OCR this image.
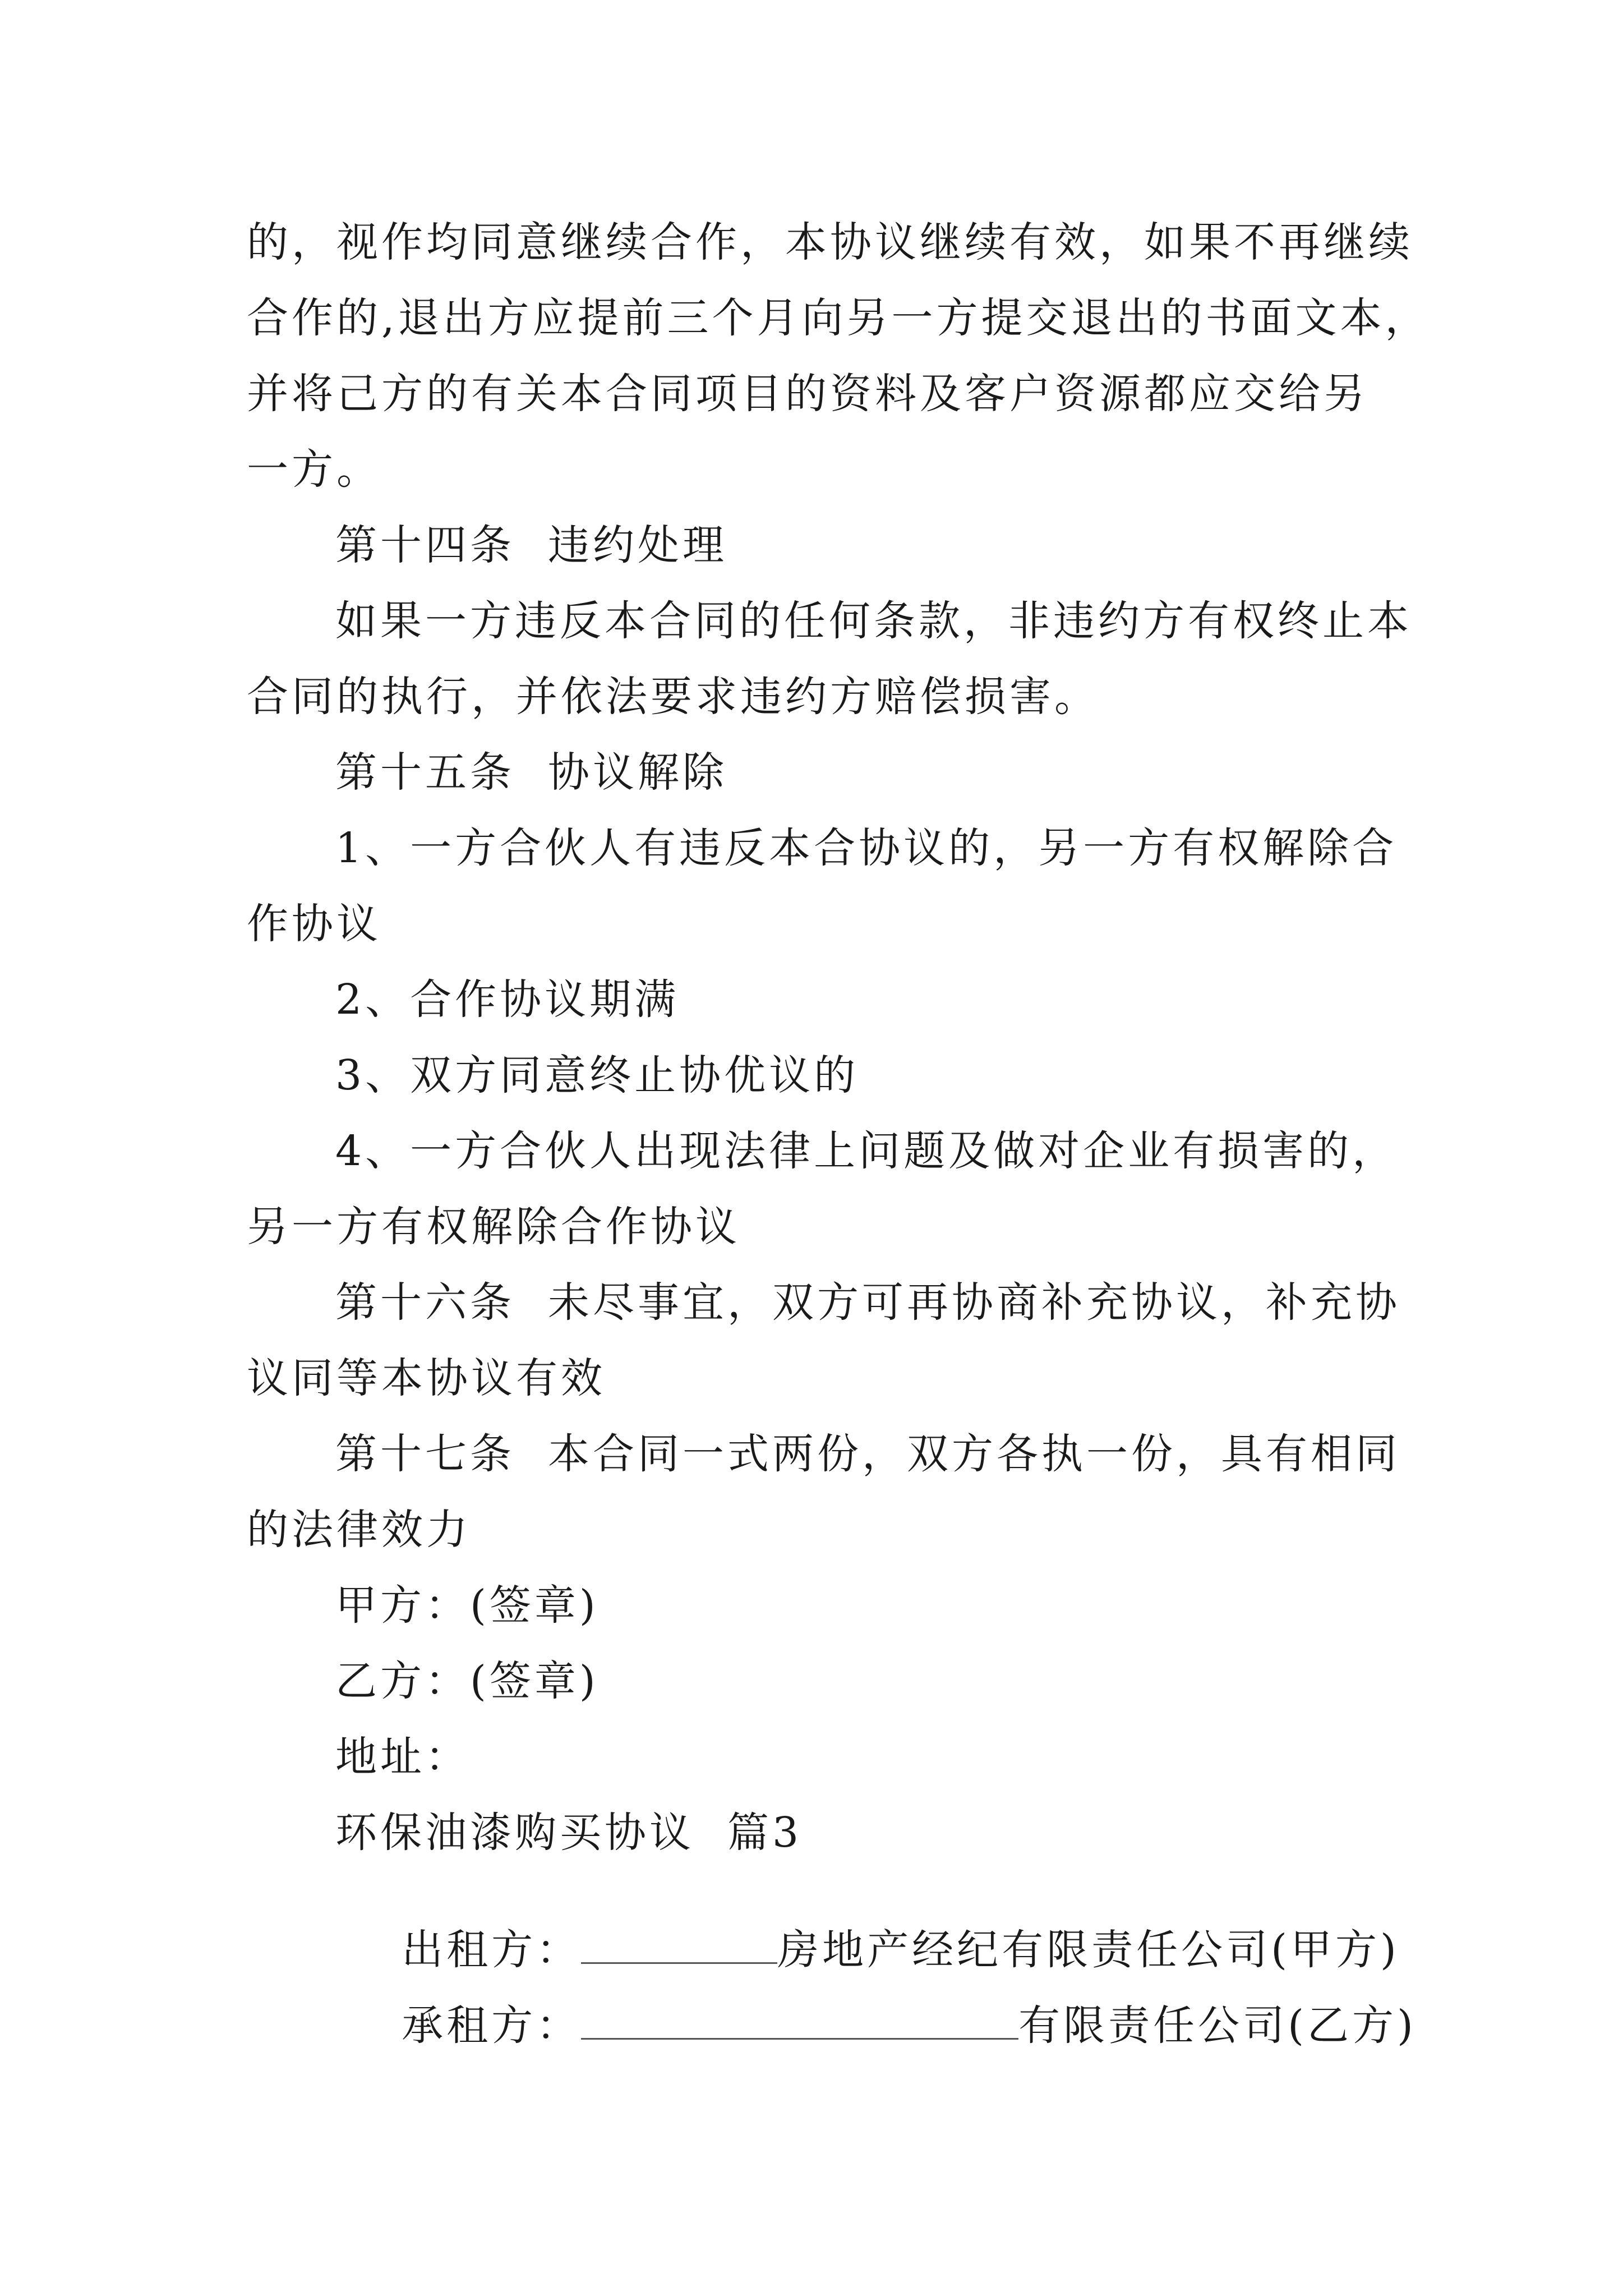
的，视作均同意继续合作，本协议继续有效，如果不再继续
合作的,退出方应提前三个月向另一方提交退出的书面文本，
并将己方的有关本合同项目的资料及客户资源都应交给另
一方。
第十四条  违约处理
如果一方违反本合同的任何条款，非违约方有权终止本
合同的执行，并依法要求违约方赔偿损害。
第十五条  协议解除
1、一方合伙人有违反本合协议的，另一方有权解除合
作协议
2、合作协议期满
3、双方同意终止协优议的
4、一方合伙人出现法律上问题及做对企业有损害的，
另一方有权解除合作协议
第十六条  未尽事宜，双方可再协商补充协议，补充协
议同等本协议有效
第十七条  本合同一式两份，双方各执一份，具有相同
的法律效力
甲方：(签章)
乙方：(签章)
地址：
环保油漆购买协议  篇3

出租方：	房地产经纪有限责任公司(甲方)

承租方：	有限责任公司(乙方)
